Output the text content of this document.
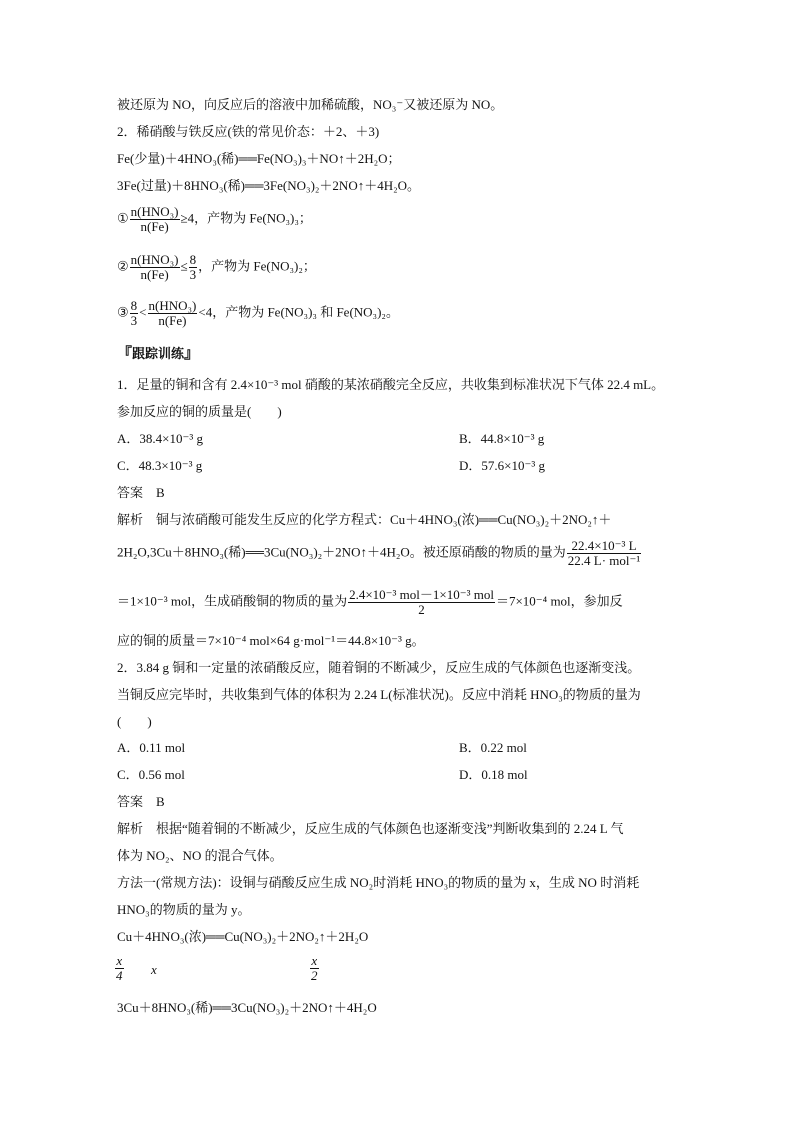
被还原为 NO，向反应后的溶液中加稀硫酸，NO₃⁻又被还原为 NO。
2．稀硝酸与铁反应(铁的常见价态：＋2、＋3)
Fe(少量)＋4HNO₃(稀)══Fe(NO₃)₃＋NO↑＋2H₂O；
3Fe(过量)＋8HNO₃(稀)══3Fe(NO₃)₂＋2NO↑＋4H₂O。
① $\frac{\text{n(HNO₃)}}{n(Fe)} \ge 4$，产物为 Fe(NO₃)₃；
② $\frac{\text{n(HNO₃)}}{n(Fe)} \le \frac{8}{3}$ ，产物为 Fe(NO₃)₂；
③ $\frac{8}{3} < \frac{\text{n(HNO₃)}}{n(Fe)} <4$，产物为 Fe(NO₃)₃ 和 Fe(NO₃)₂。
『跟踪训练』
1．足量的铜和含有 2.4×10⁻³ mol 硝酸的某浓硝酸完全反应，共收集到标准状况下气体 22.4 mL。
参加反应的铜的质量是(　　)
A．38.4×10⁻³ g	B．44.8×10⁻³ g
C．48.3×10⁻³ g	D．57.6×10⁻³ g
答案　B
解析　铜与浓硝酸可能发生反应的化学方程式：Cu＋4HNO₃(浓)══Cu(NO₃)₂＋2NO₂↑＋
2H₂O,3Cu＋8HNO₃(稀)══3Cu(NO₃)₂＋2NO↑＋4H₂O。被还原硝酸的物质的量为 $\frac{\text{22.4×10⁻³ L}}{\text{22.4 L· mol⁻¹}}$
＝1×10⁻³ mol，生成硝酸铜的物质的量为 $\frac{\text{2.4×10⁻³ mol－1×10⁻³ mol}}{2} =7\times 10^{-4}$ mol，参加反
应的铜的质量＝7×10⁻⁴ mol×64 g·mol⁻¹＝44.8×10⁻³ g。
2．3.84 g 铜和一定量的浓硝酸反应，随着铜的不断减少，反应生成的气体颜色也逐渐变浅。
当铜反应完毕时，共收集到气体的体积为 2.24 L(标准状况)。反应中消耗 HNO₃的物质的量为
(　　)
A．0.11 mol	B．0.22 mol
C．0.56 mol	D．0.18 mol
答案　B
解析　根据“随着铜的不断减少，反应生成的气体颜色也逐渐变浅”判断收集到的 2.24 L 气
体为 NO₂、NO 的混合气体。
方法一(常规方法)：设铜与硝酸反应生成 NO₂时消耗 HNO₃的物质的量为 x，生成 NO 时消耗
HNO₃的物质的量为 y。
Cu＋4HNO₃(浓)══Cu(NO₃)₂＋2NO₂↑＋2H₂O
$\frac{x}{4}$ x	$\frac{x}{2}$
3Cu＋8HNO₃(稀)══3Cu(NO₃)₂＋2NO↑＋4H₂O
